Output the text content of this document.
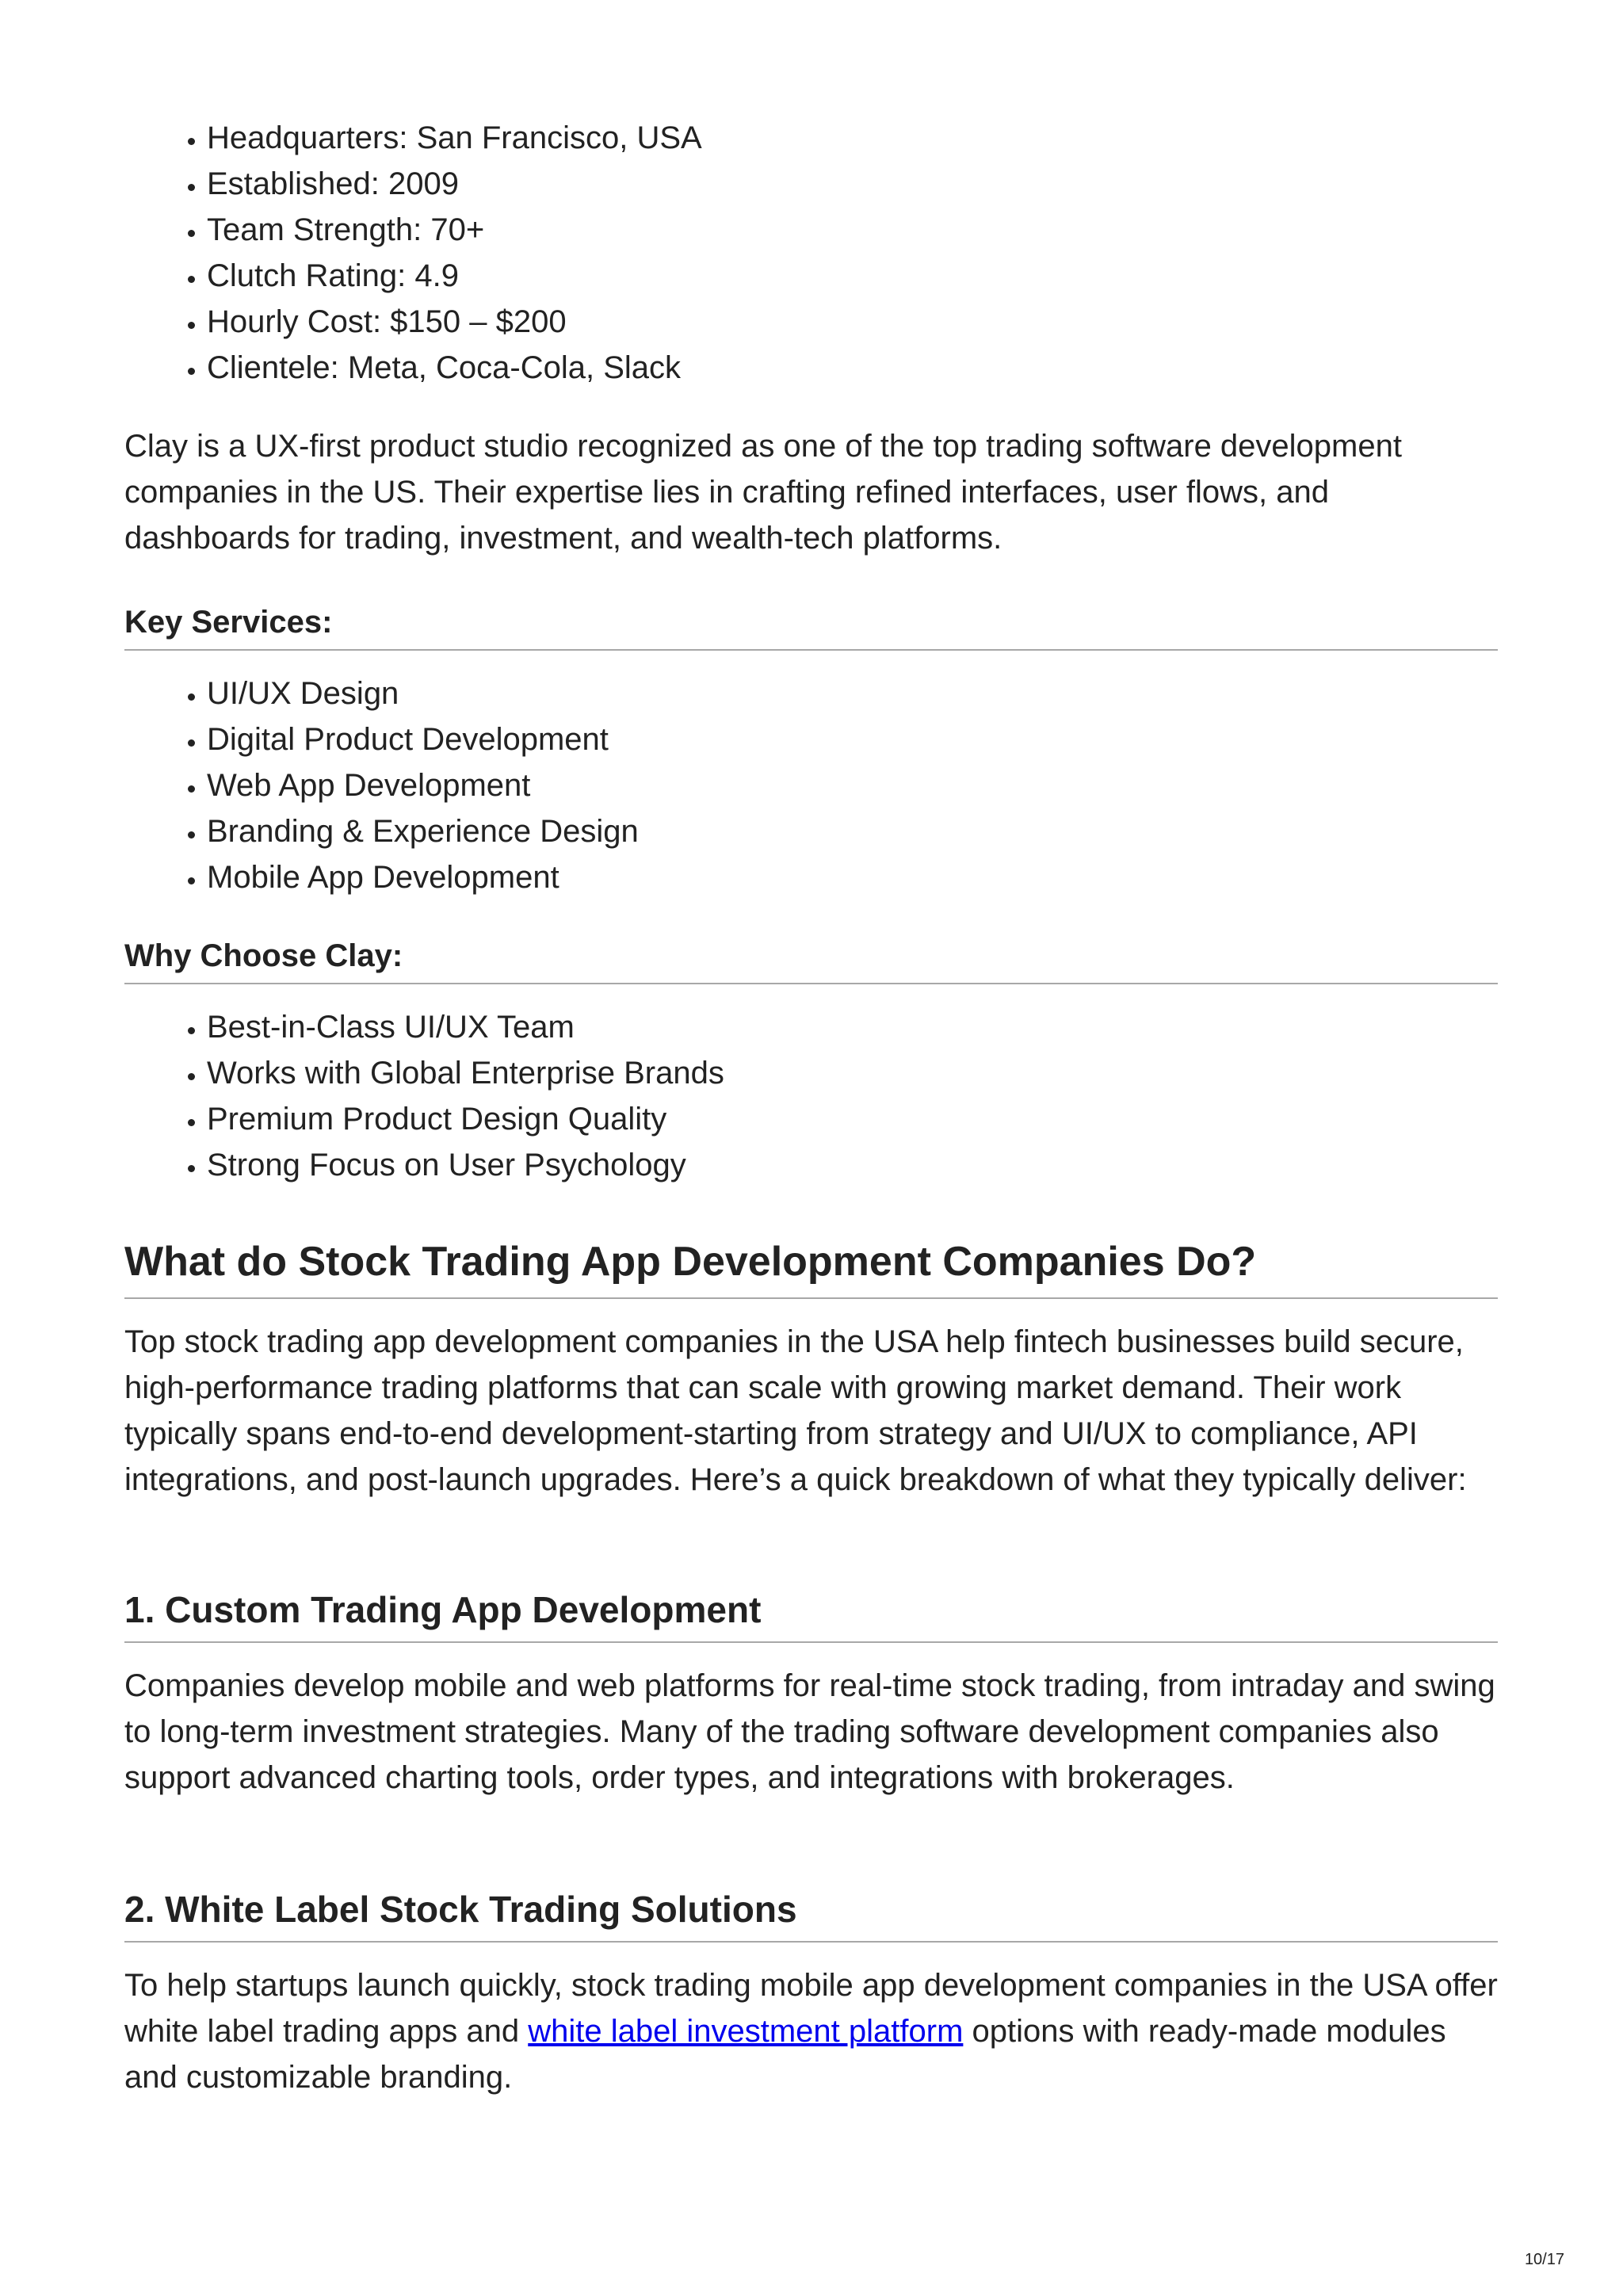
• Headquarters: San Francisco, USA
• Established: 2009
• Team Strength: 70+
• Clutch Rating: 4.9
• Hourly Cost: $150 – $200
• Clientele: Meta, Coca-Cola, Slack

Clay is a UX-first product studio recognized as one of the top trading software development companies in the US. Their expertise lies in crafting refined interfaces, user flows, and dashboards for trading, investment, and wealth-tech platforms.

Key Services:
• UI/UX Design
• Digital Product Development
• Web App Development
• Branding & Experience Design
• Mobile App Development
Why Choose Clay:
• Best-in-Class UI/UX Team
• Works with Global Enterprise Brands
• Premium Product Design Quality
• Strong Focus on User Psychology
What do Stock Trading App Development Companies Do?

Top stock trading app development companies in the USA help fintech businesses build secure, high-performance trading platforms that can scale with growing market demand. Their work typically spans end-to-end development-starting from strategy and UI/UX to compliance, API integrations, and post-launch upgrades. Here’s a quick breakdown of what they typically deliver:

1. Custom Trading App Development

Companies develop mobile and web platforms for real-time stock trading, from intraday and swing to long-term investment strategies. Many of the trading software development companies also support advanced charting tools, order types, and integrations with brokerages.

2. White Label Stock Trading Solutions

To help startups launch quickly, stock trading mobile app development companies in the USA offer white label trading apps and white label investment platform options with ready-made modules and customizable branding.

10/17
